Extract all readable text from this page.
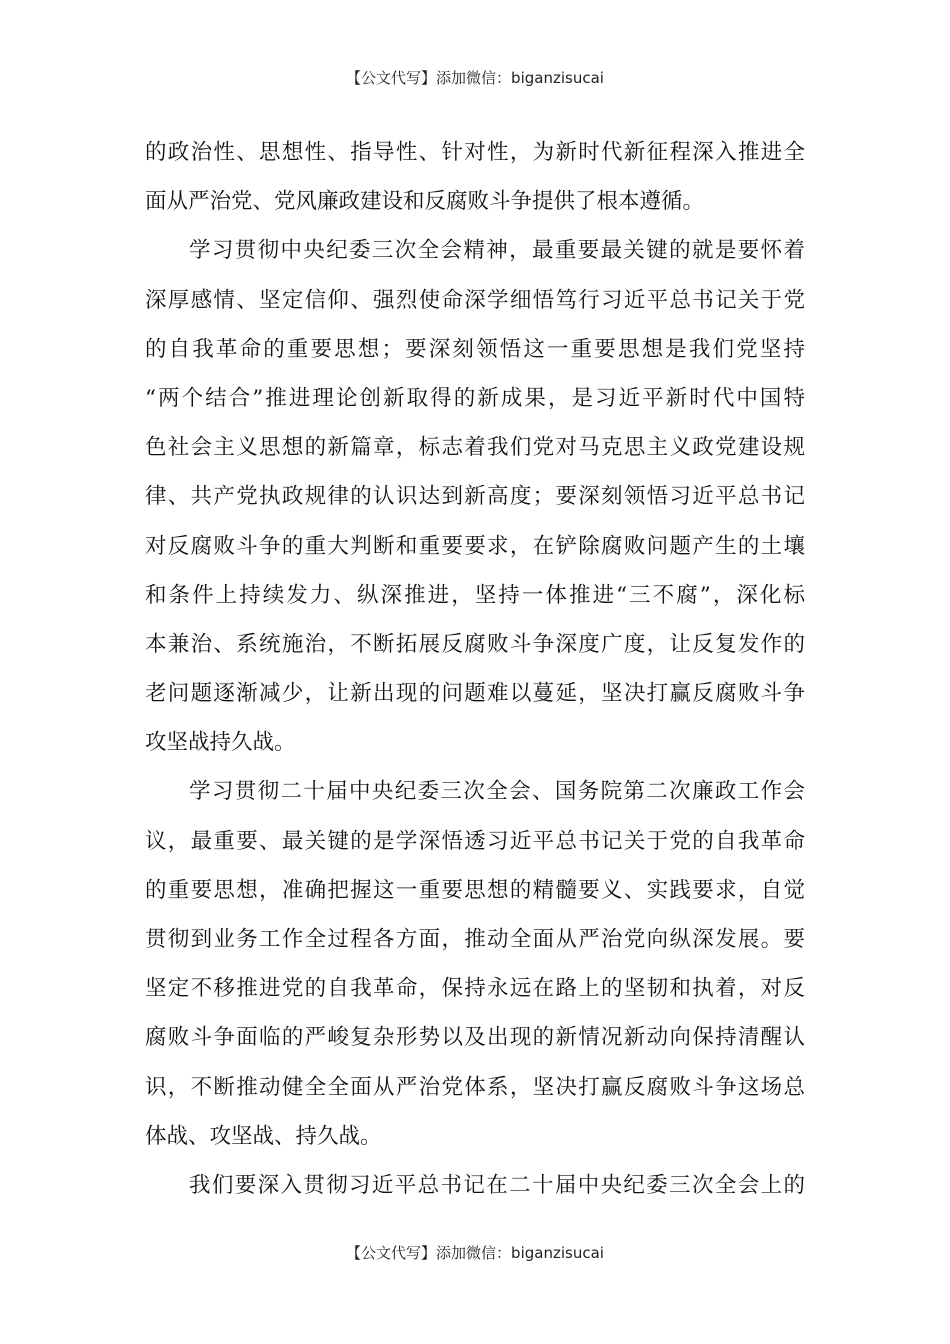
【公文代写】添加微信：biganzisucai
的政治性、思想性、指导性、针对性，为新时代新征程深入推进全
面从严治党、党风廉政建设和反腐败斗争提供了根本遵循。
学习贯彻中央纪委三次全会精神，最重要最关键的就是要怀着
深厚感情、坚定信仰、强烈使命深学细悟笃行习近平总书记关于党
的自我革命的重要思想；要深刻领悟这一重要思想是我们党坚持
“两个结合”推进理论创新取得的新成果，是习近平新时代中国特
色社会主义思想的新篇章，标志着我们党对马克思主义政党建设规
律、共产党执政规律的认识达到新高度；要深刻领悟习近平总书记
对反腐败斗争的重大判断和重要要求，在铲除腐败问题产生的土壤
和条件上持续发力、纵深推进，坚持一体推进“三不腐”，深化标
本兼治、系统施治，不断拓展反腐败斗争深度广度，让反复发作的
老问题逐渐减少，让新出现的问题难以蔓延，坚决打赢反腐败斗争
攻坚战持久战。
学习贯彻二十届中央纪委三次全会、国务院第二次廉政工作会
议，最重要、最关键的是学深悟透习近平总书记关于党的自我革命
的重要思想，准确把握这一重要思想的精髓要义、实践要求，自觉
贯彻到业务工作全过程各方面，推动全面从严治党向纵深发展。要
坚定不移推进党的自我革命，保持永远在路上的坚韧和执着，对反
腐败斗争面临的严峻复杂形势以及出现的新情况新动向保持清醒认
识，不断推动健全全面从严治党体系，坚决打赢反腐败斗争这场总
体战、攻坚战、持久战。
我们要深入贯彻习近平总书记在二十届中央纪委三次全会上的
【公文代写】添加微信：biganzisucai
